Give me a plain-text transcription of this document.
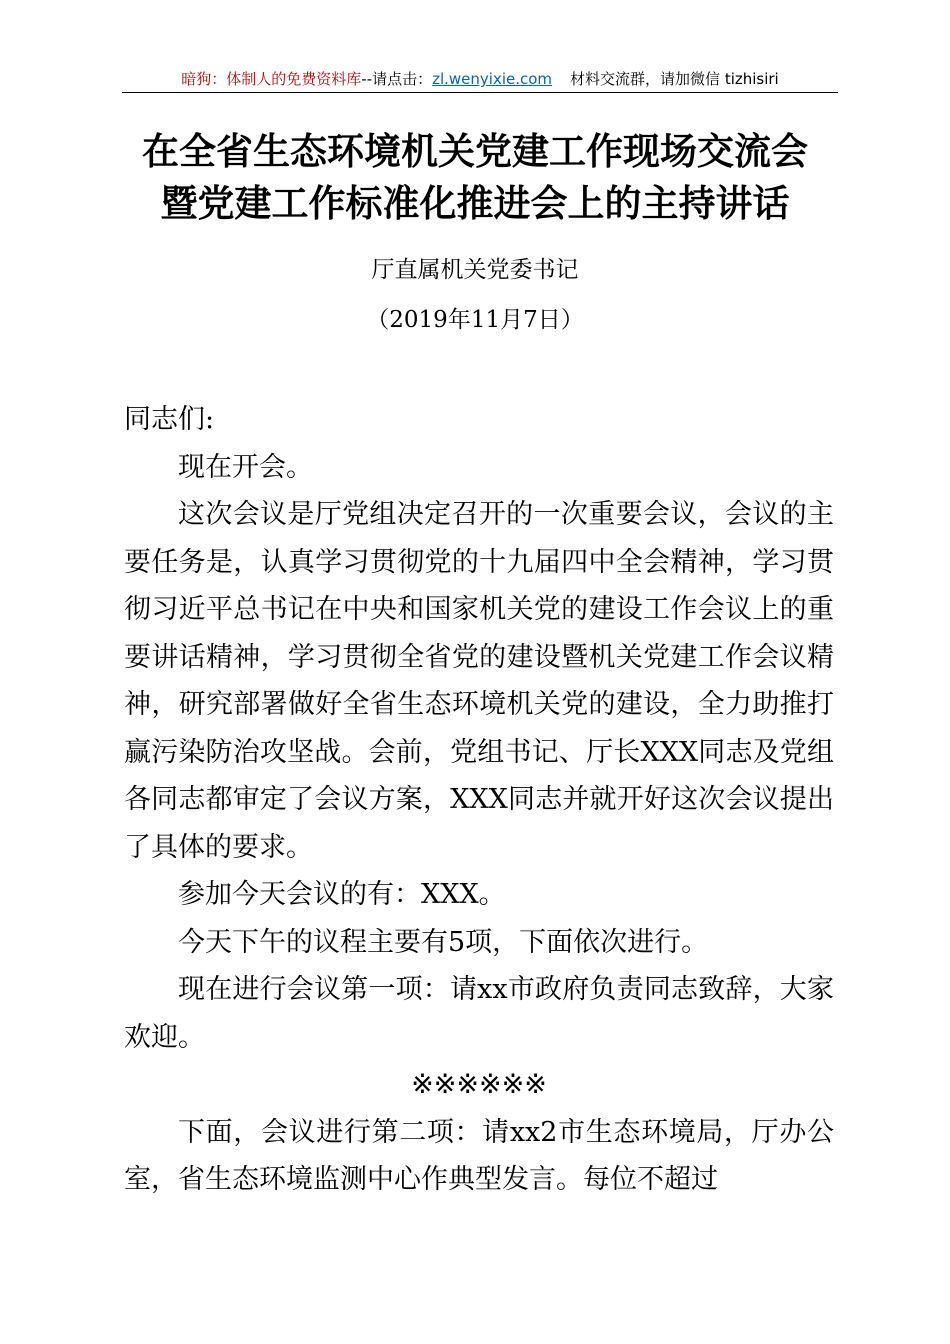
暗狗：体制人的免费资料库--请点击：zl.wenyixie.com 材料交流群，请加微信 tizhisiri
在全省生态环境机关党建工作现场交流会
暨党建工作标准化推进会上的主持讲话
厅直属机关党委书记
（2019年11月7日）

同志们:

现在开会。

这次会议是厅党组决定召开的一次重要会议，会议的主要任务是，认真学习贯彻党的十九届四中全会精神，学习贯彻习近平总书记在中央和国家机关党的建设工作会议上的重要讲话精神，学习贯彻全省党的建设暨机关党建工作会议精神，研究部署做好全省生态环境机关党的建设，全力助推打赢污染防治攻坚战。会前，党组书记、厅长XXX同志及党组各同志都审定了会议方案，XXX同志并就开好这次会议提出了具体的要求。

参加今天会议的有：XXX。

今天下午的议程主要有5项，下面依次进行。

现在进行会议第一项：请xx市政府负责同志致辞，大家欢迎。

※※※※※※

下面，会议进行第二项：请xx2市生态环境局，厅办公室，省生态环境监测中心作典型发言。每位不超过
